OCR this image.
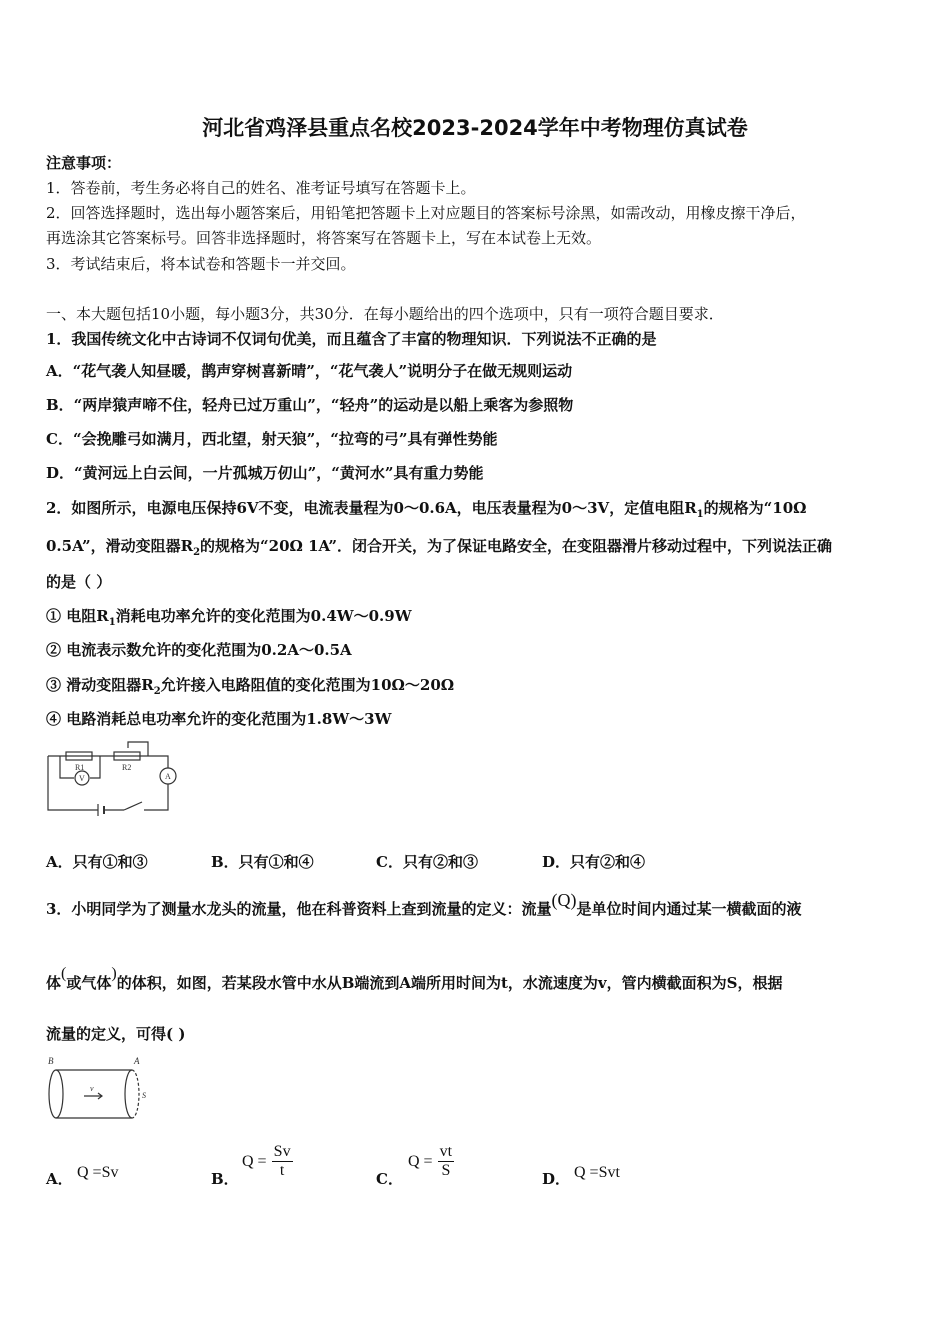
河北省鸡泽县重点名校2023-2024学年中考物理仿真试卷
注意事项：
1．答卷前，考生务必将自己的姓名、准考证号填写在答题卡上。
2．回答选择题时，选出每小题答案后，用铅笔把答题卡上对应题目的答案标号涂黑，如需改动，用橡皮擦干净后，
再选涂其它答案标号。回答非选择题时，将答案写在答题卡上，写在本试卷上无效。
3．考试结束后，将本试卷和答题卡一并交回。
一、本大题包括10小题，每小题3分，共30分．在每小题给出的四个选项中，只有一项符合题目要求．
1．我国传统文化中古诗词不仅词句优美，而且蕴含了丰富的物理知识．下列说法不正确的是
A．“花气袭人知昼暖，鹊声穿树喜新晴”，“花气袭人”说明分子在做无规则运动
B．“两岸猿声啼不住，轻舟已过万重山”，“轻舟”的运动是以船上乘客为参照物
C．“会挽雕弓如满月，西北望，射天狼”，“拉弯的弓”具有弹性势能
D．“黄河远上白云间，一片孤城万仞山”，“黄河水”具有重力势能
2．如图所示，电源电压保持6V不变，电流表量程为0～0.6A，电压表量程为0～3V，定值电阻$R_1$的规格为“10Ω
0.5A”，滑动变阻器$R_2$的规格为“20Ω 1A”．闭合开关，为了保证电路安全，在变阻器滑片移动过程中，下列说法正确
的是（ ）
① 电阻$R_1$消耗电功率允许的变化范围为0.4W～0.9W
② 电流表示数允许的变化范围为0.2A～0.5A
③ 滑动变阻器$R_2$允许接入电路阻值的变化范围为10Ω～20Ω
④ 电路消耗总电功率允许的变化范围为1.8W～3W
R1	R2
V	A
A．只有①和③	B．只有①和④	C．只有②和③	D．只有②和④
3．小明同学为了测量水龙头的流量，他在科普资料上查到流量的定义：流量(Q)是单位时间内通过某一横截面的液
体(或气体)的体积，如图，若某段水管中水从B端流到A端所用时间为t，水流速度为v，管内横截面积为S，根据
流量的定义，可得( )
B	A
v
S
A． Q =Sv	B．
$Q = \frac{Sv}{t}$	C．
$Q = \frac{vt}{S}$	D． Q =Svt
